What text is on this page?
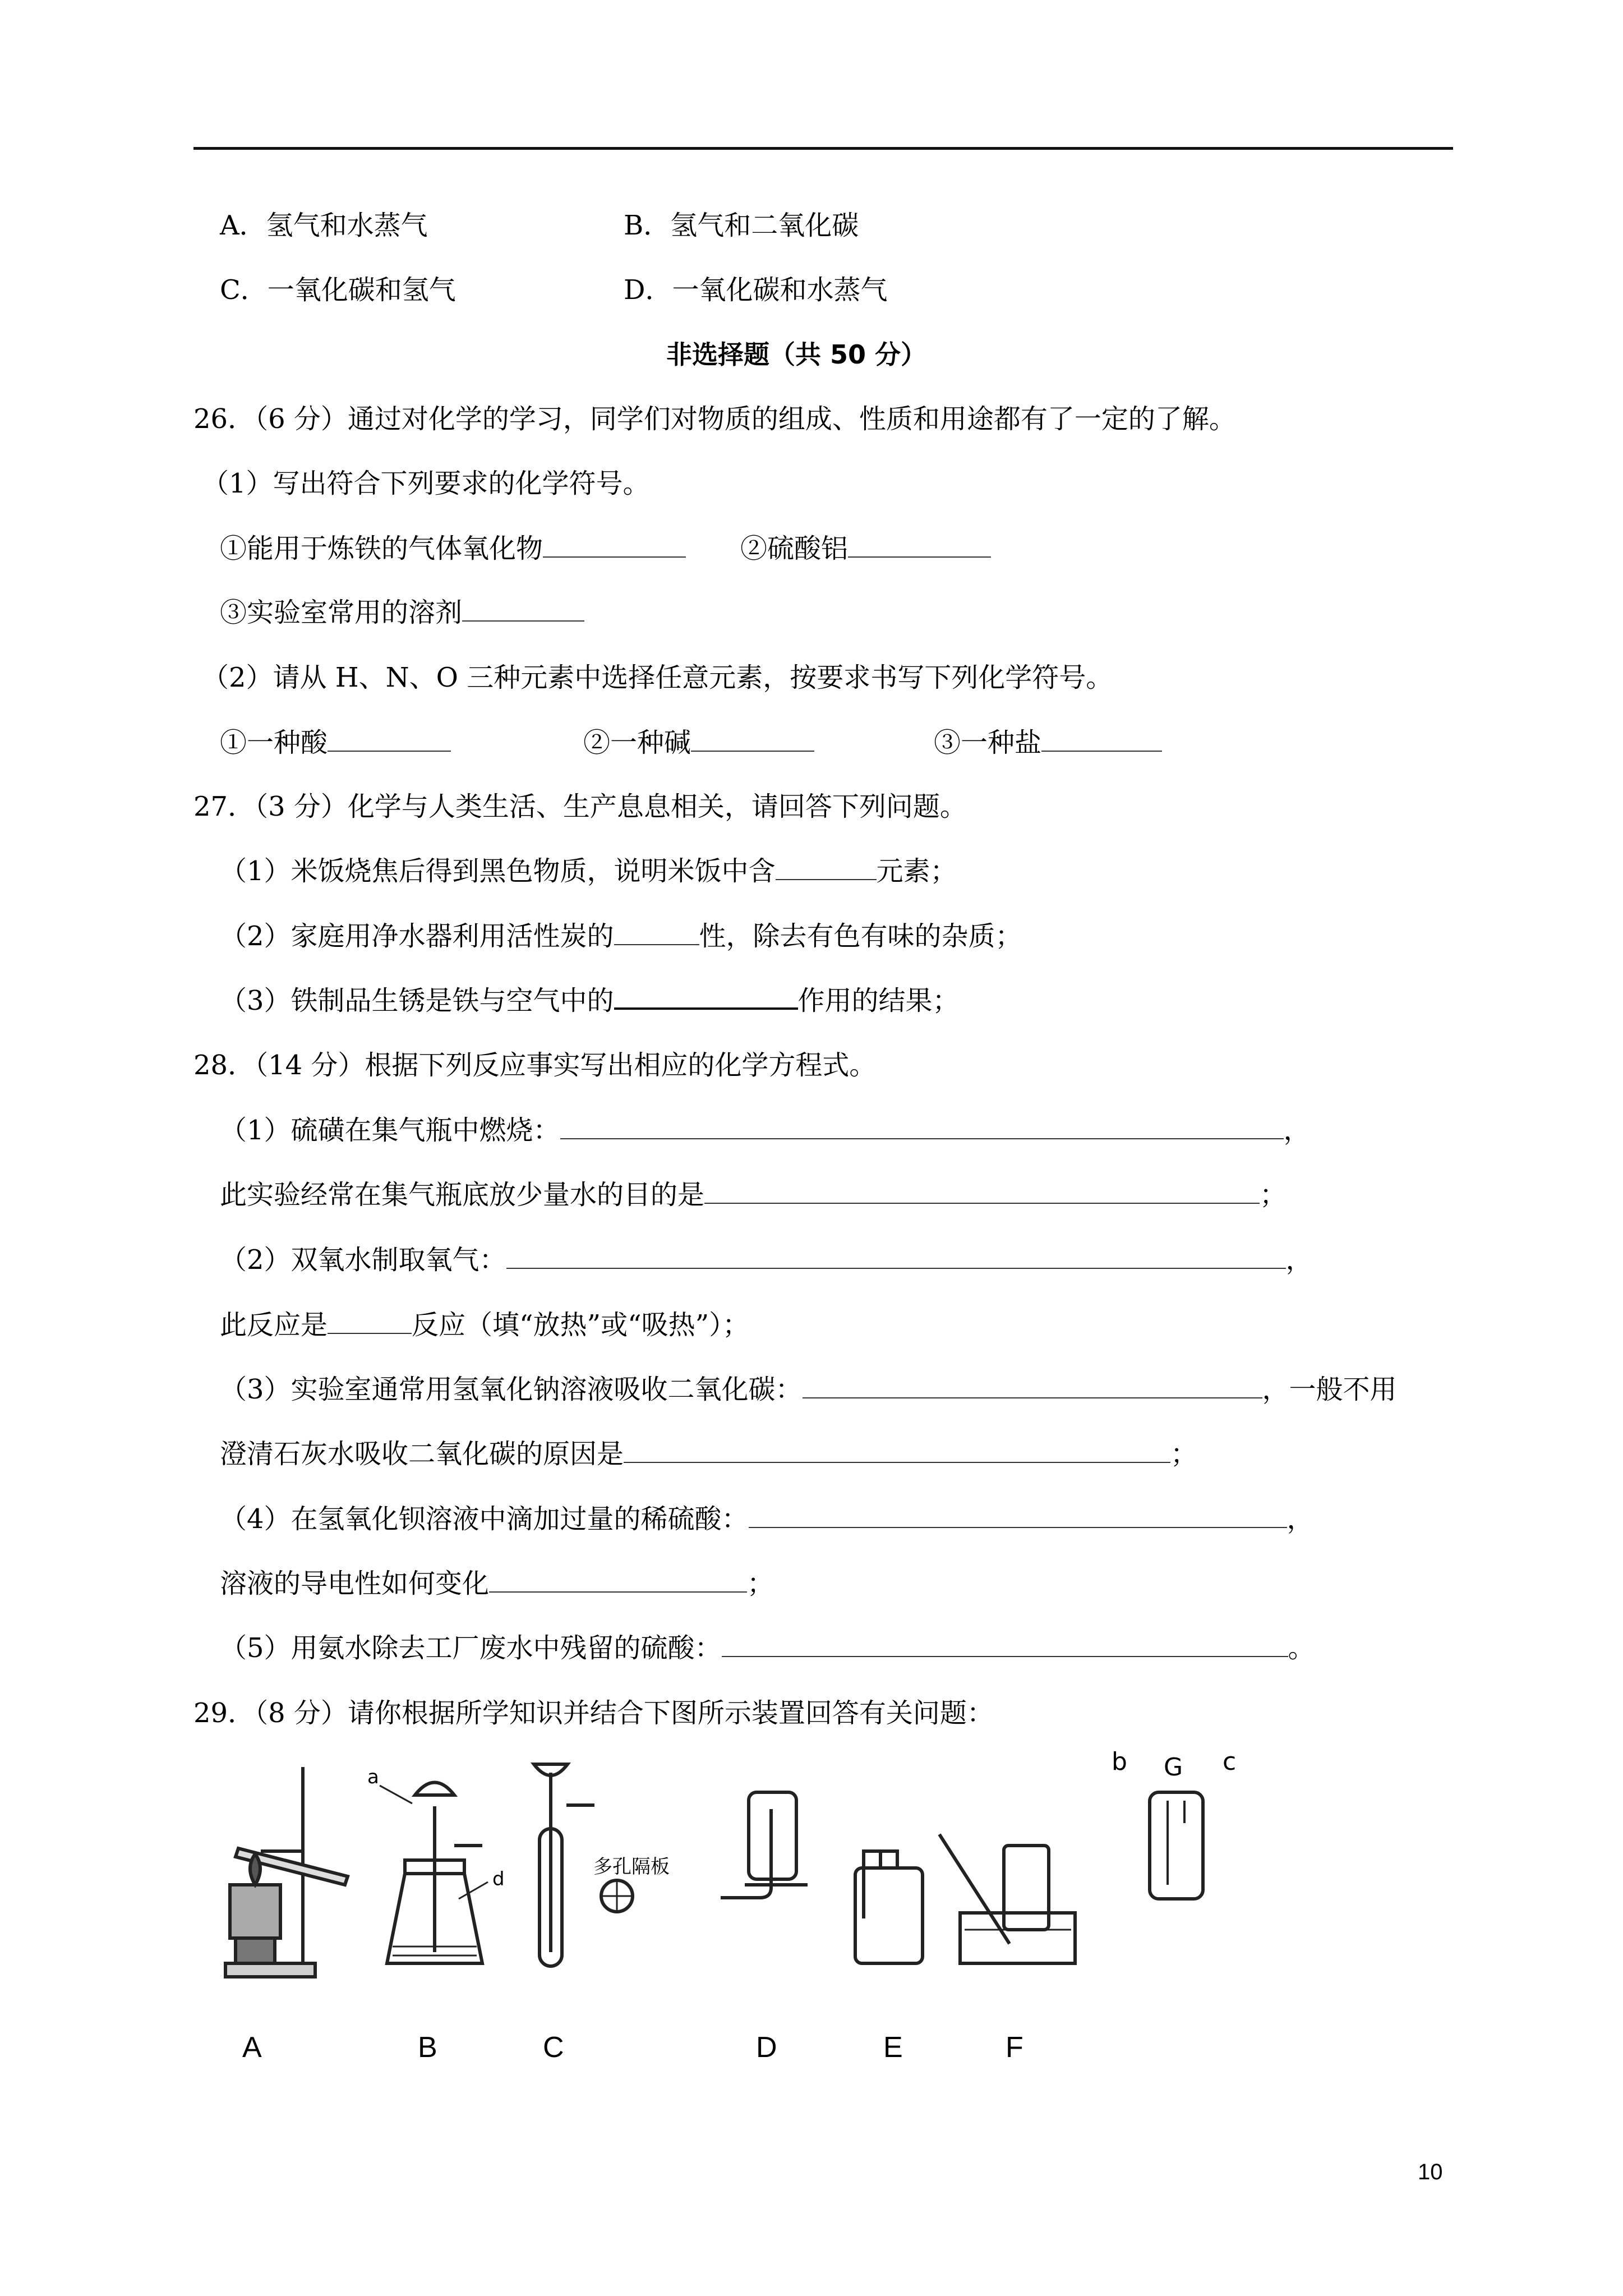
A．氢气和水蒸气	B．氢气和二氧化碳
C．一氧化碳和氢气	D．一氧化碳和水蒸气
非选择题（共 50 分）
26．（6 分）通过对化学的学习，同学们对物质的组成、性质和用途都有了一定的了解。
（1）写出符合下列要求的化学符号。
①能用于炼铁的气体氧化物	②硫酸铝
③实验室常用的溶剂
（2）请从 H、N、O 三种元素中选择任意元素，按要求书写下列化学符号。
①一种酸	②一种碱	③一种盐
27．（3 分）化学与人类生活、生产息息相关，请回答下列问题。
（1）米饭烧焦后得到黑色物质，说明米饭中含	元素；
（2）家庭用净水器利用活性炭的	性，除去有色有味的杂质；
（3）铁制品生锈是铁与空气中的	作用的结果；
28．（14 分）根据下列反应事实写出相应的化学方程式。
（1）硫磺在集气瓶中燃烧：	，
此实验经常在集气瓶底放少量水的目的是	；
（2）双氧水制取氧气：	，
此反应是	反应（填“放热”或“吸热”）；
（3）实验室通常用氢氧化钠溶液吸收二氧化碳：	，一般不用
澄清石灰水吸收二氧化碳的原因是	；
（4）在氢氧化钡溶液中滴加过量的稀硫酸：	，
溶液的导电性如何变化	；
（5）用氨水除去工厂废水中残留的硫酸：	。
29．（8 分）请你根据所学知识并结合下图所示装置回答有关问题：
A	B	C	D	E	F
b G c
a
d
多孔隔板
10
